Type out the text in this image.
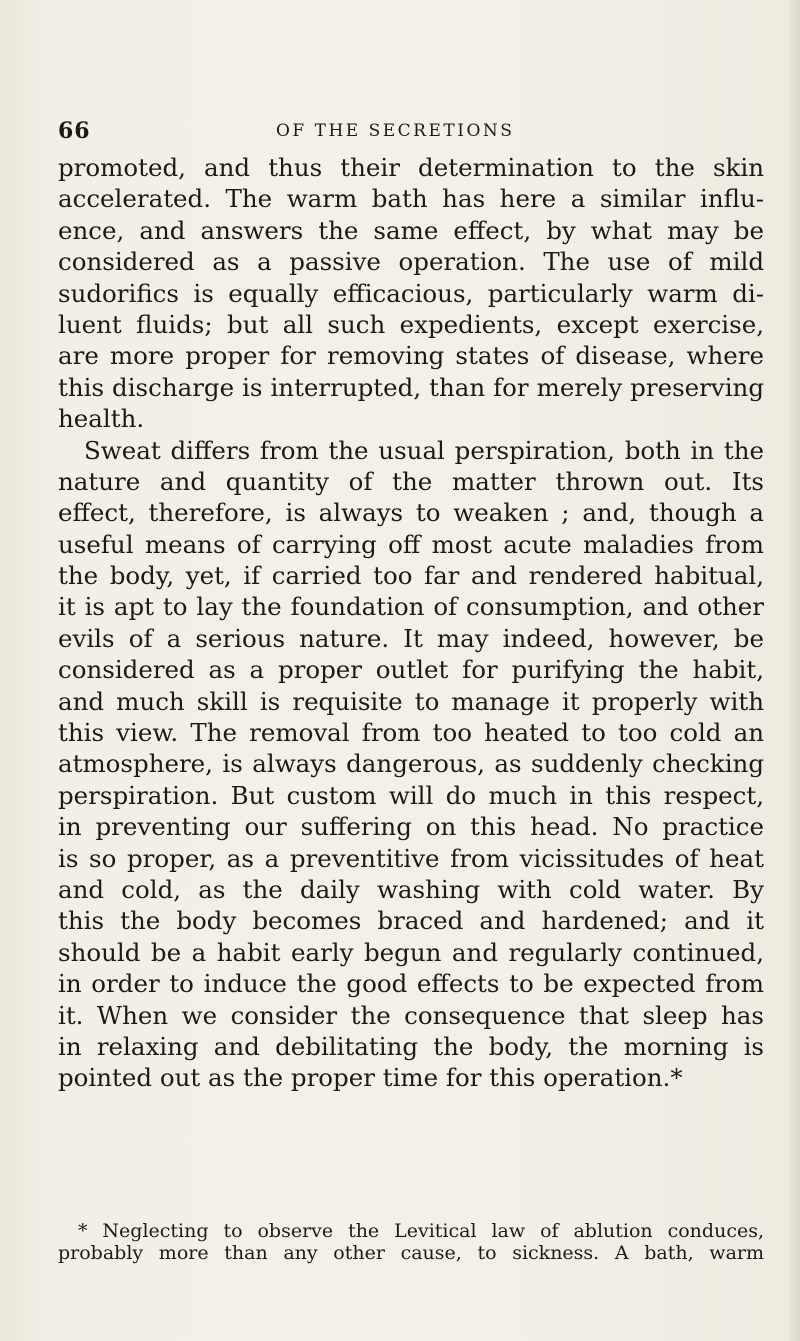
66	OF THE SECRETIONS
promoted, and thus their determination to the skin
accelerated. The warm bath has here a similar influ-
ence, and answers the same effect, by what may be
considered as a passive operation. The use of mild
sudorifics is equally efficacious, particularly warm di-
luent fluids; but all such expedients, except exercise,
are more proper for removing states of disease, where
this discharge is interrupted, than for merely preserving
health.
Sweat differs from the usual perspiration, both in the
nature and quantity of the matter thrown out. Its
effect, therefore, is always to weaken ; and, though a
useful means of carrying off most acute maladies from
the body, yet, if carried too far and rendered habitual,
it is apt to lay the foundation of consumption, and other
evils of a serious nature. It may indeed, however, be
considered as a proper outlet for purifying the habit,
and much skill is requisite to manage it properly with
this view. The removal from too heated to too cold an
atmosphere, is always dangerous, as suddenly checking
perspiration. But custom will do much in this respect,
in preventing our suffering on this head. No practice
is so proper, as a preventitive from vicissitudes of heat
and cold, as the daily washing with cold water. By
this the body becomes braced and hardened; and it
should be a habit early begun and regularly continued,
in order to induce the good effects to be expected from
it. When we consider the consequence that sleep has
in relaxing and debilitating the body, the morning is
pointed out as the proper time for this operation.*
* Neglecting to observe the Levitical law of ablution conduces,
probably more than any other cause, to sickness. A bath, warm
